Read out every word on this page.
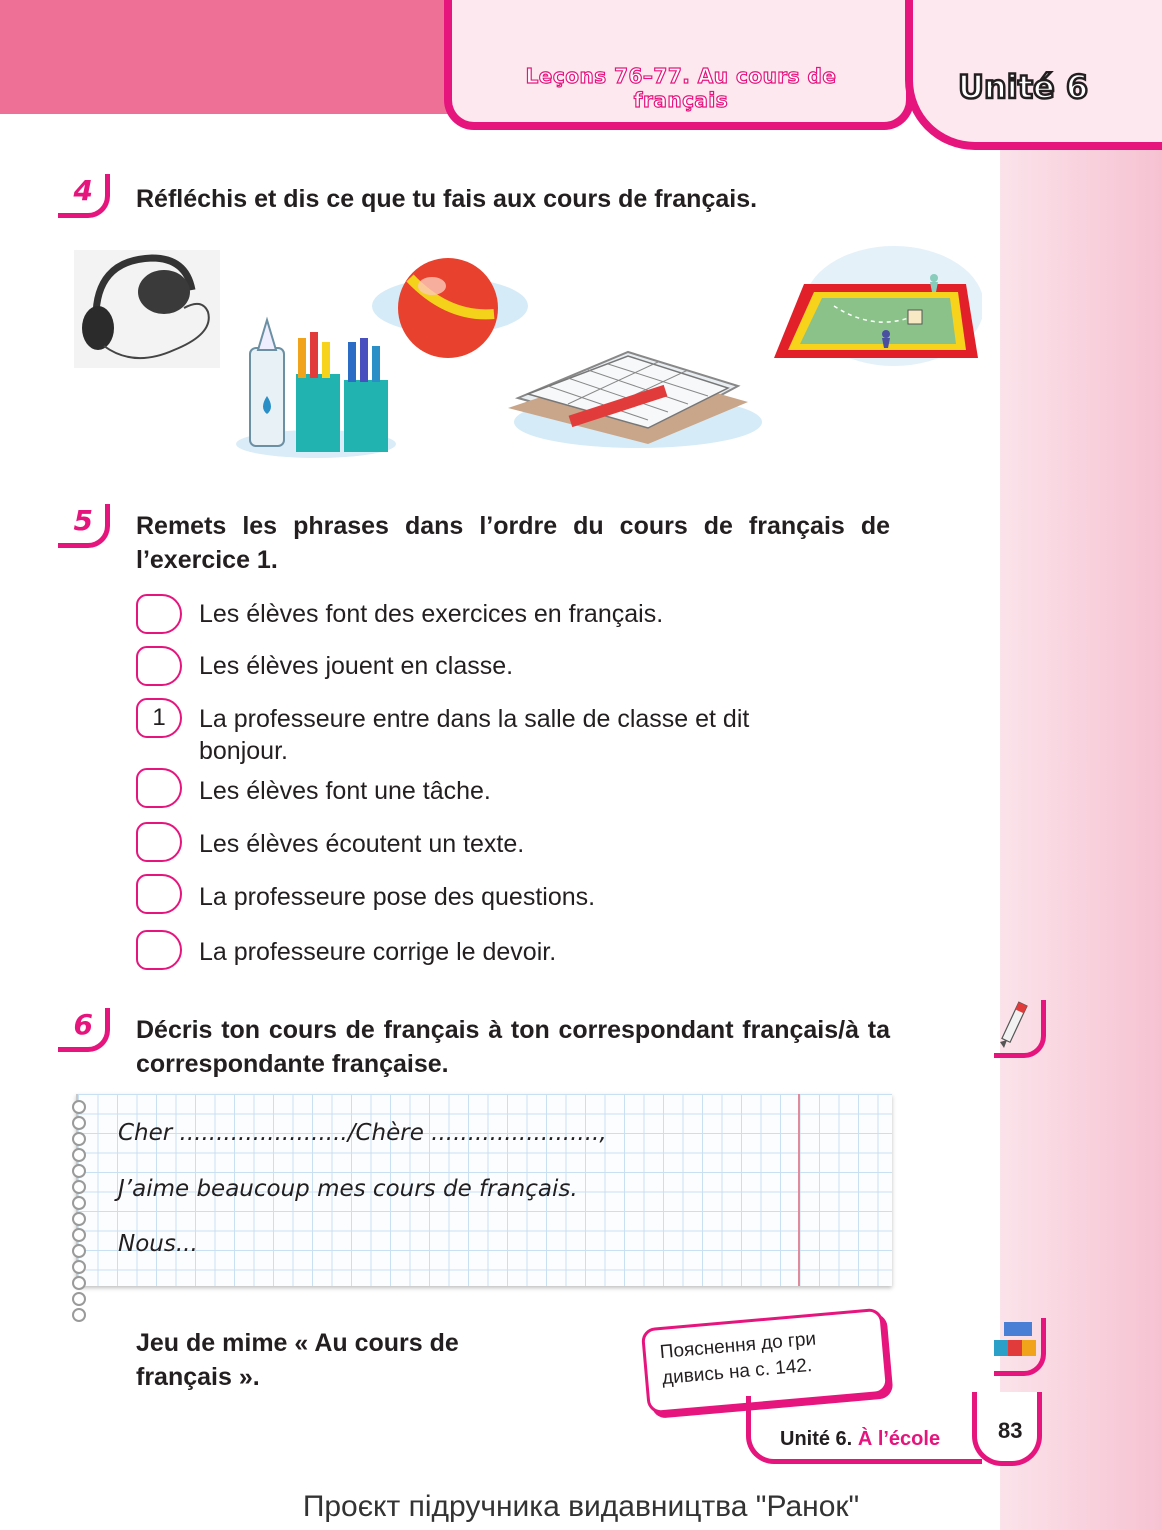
Leçons 76–77. Au cours de français	Unité 6
4 Réfléchis et dis ce que tu fais aux cours de français.
5 Remets les phrases dans l’ordre du cours de français de l’exercice 1.
Les élèves font des exercices en français.
Les élèves jouent en classe.
1	La professeure entre dans la salle de classe et dit bonjour.
Les élèves font une tâche.
Les élèves écoutent un texte.
La professeure pose des questions.
La professeure corrige le devoir.
6 Décris ton cours de français à ton correspondant français/à ta correspondante française.
Cher ......................./Chère .......................,
J’aime beaucoup mes cours de français.
Nous...
Jeu de mime « Au cours de français ».
Пояснення до гри дивись на с. 142.
Unité 6. À l’école	83
Проєкт підручника видавництва "Ранок"
